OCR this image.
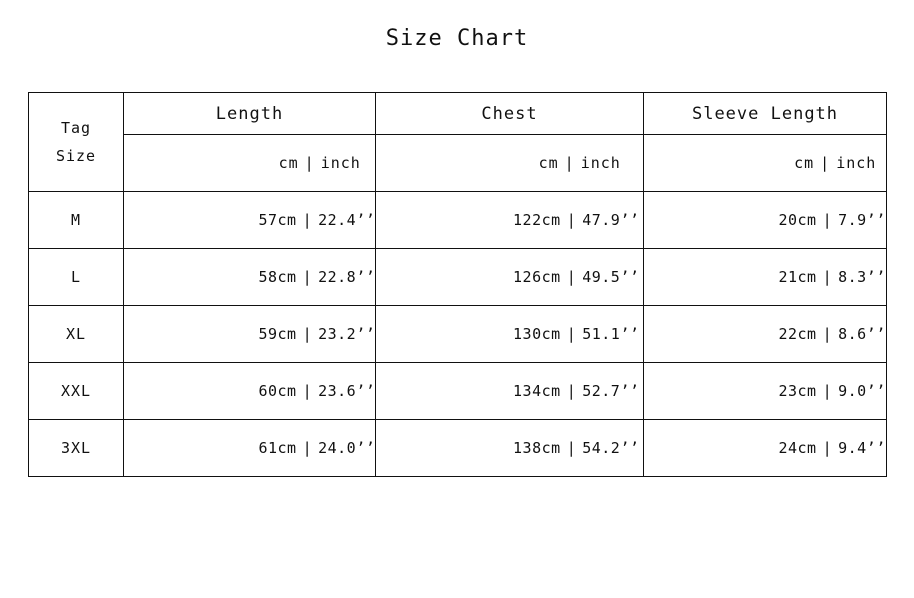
Size Chart
Tag
Size	Length	Chest	Sleeve Length

cm | inch	cm | inch	cm | inch

M	57cm | 22.4’’	122cm | 47.9’’	20cm | 7.9’’

L	58cm | 22.8’’	126cm | 49.5’’	21cm | 8.3’’

XL	59cm | 23.2’’	130cm | 51.1’’	22cm | 8.6’’

XXL	60cm | 23.6’’	134cm | 52.7’’	23cm | 9.0’’

3XL	61cm | 24.0’’	138cm | 54.2’’	24cm | 9.4’’
